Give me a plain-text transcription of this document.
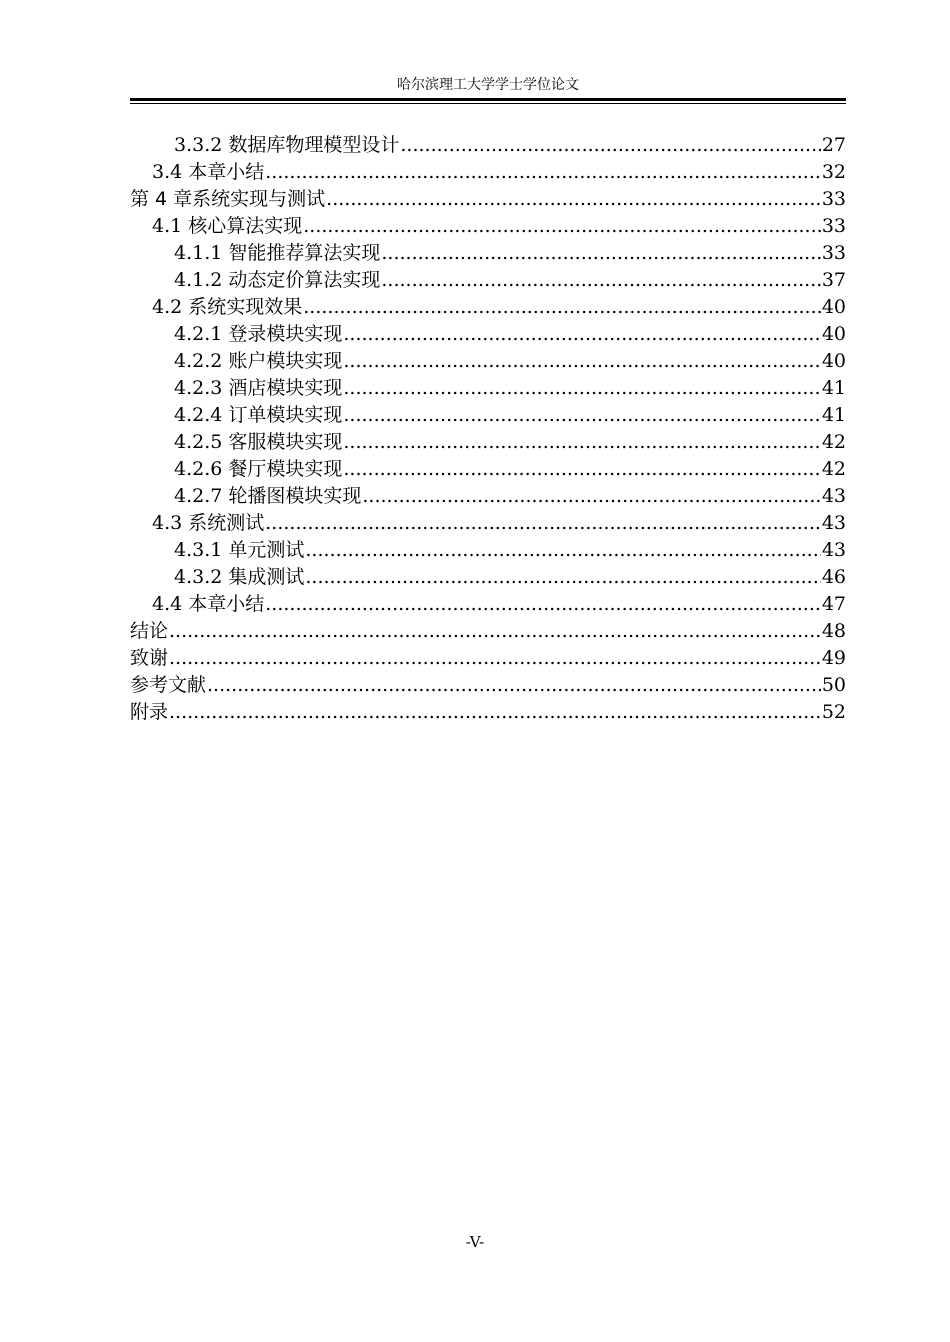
哈尔滨理工大学学士学位论文
3.3.2 数据库物理模型设计 .....	27
3.4 本章小结 .....	32
第 4 章系统实现与测试 .....	33
4.1 核心算法实现 .....	33
4.1.1 智能推荐算法实现 .....	33
4.1.2 动态定价算法实现 .....	37
4.2 系统实现效果 .....	40
4.2.1 登录模块实现 .....	40
4.2.2 账户模块实现 .....	40
4.2.3 酒店模块实现 .....	41
4.2.4 订单模块实现 .....	41
4.2.5 客服模块实现 .....	42
4.2.6 餐厅模块实现 .....	42
4.2.7 轮播图模块实现 .....	43
4.3 系统测试 .....	43
4.3.1 单元测试 .....	43
4.3.2 集成测试 .....	46
4.4 本章小结 .....	47
结论 .....	48
致谢 .....	49
参考文献 .....	50
附录 .....	52
-V-
